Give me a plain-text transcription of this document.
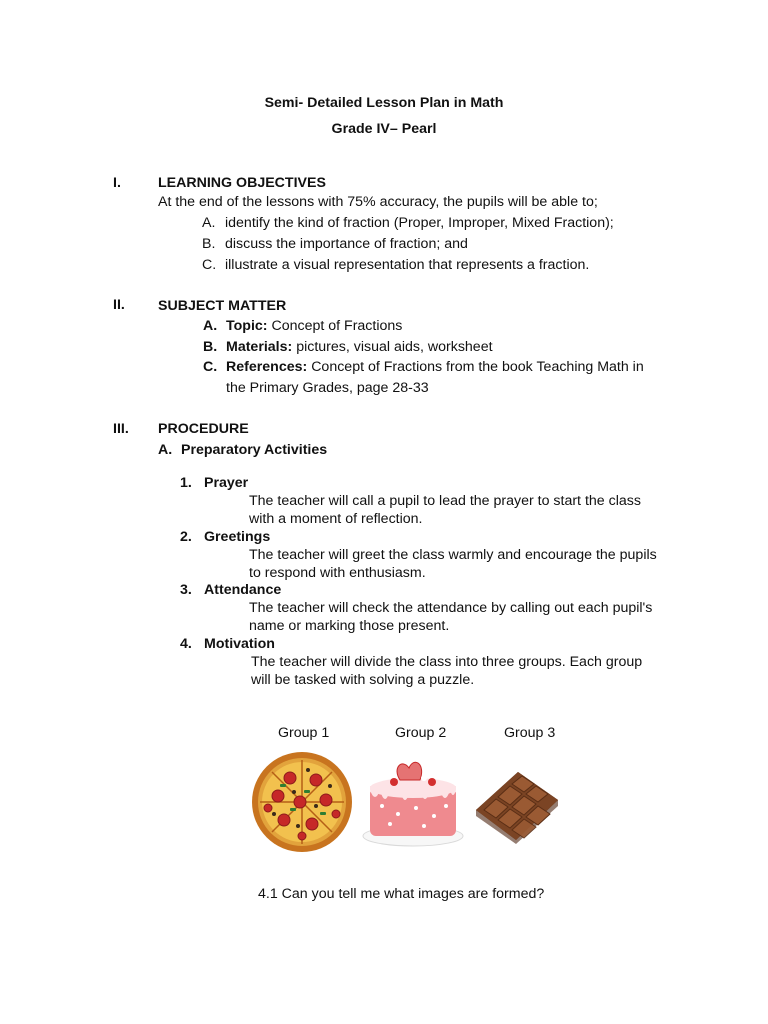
Semi- Detailed Lesson Plan in Math
Grade IV– Pearl
I.	LEARNING OBJECTIVES
At the end of the lessons with 75% accuracy, the pupils will be able to;
A. identify the kind of fraction (Proper, Improper, Mixed Fraction);
B. discuss the importance of fraction; and
C. illustrate a visual representation that represents a fraction.
II. SUBJECT MATTER
A. Topic: Concept of Fractions
B. Materials: pictures, visual aids, worksheet
C. References: Concept of Fractions from the book Teaching Math in
the Primary Grades, page 28-33
III. PROCEDURE
A. Preparatory Activities
1. Prayer
The teacher will call a pupil to lead the prayer to start the class
with a moment of reflection.
2. Greetings
The teacher will greet the class warmly and encourage the pupils
to respond with enthusiasm.
3. Attendance
The teacher will check the attendance by calling out each pupil's
name or marking those present.
4. Motivation
The teacher will divide the class into three groups. Each group
will be tasked with solving a puzzle.
Group 1	Group 2	Group 3
4.1 Can you tell me what images are formed?
